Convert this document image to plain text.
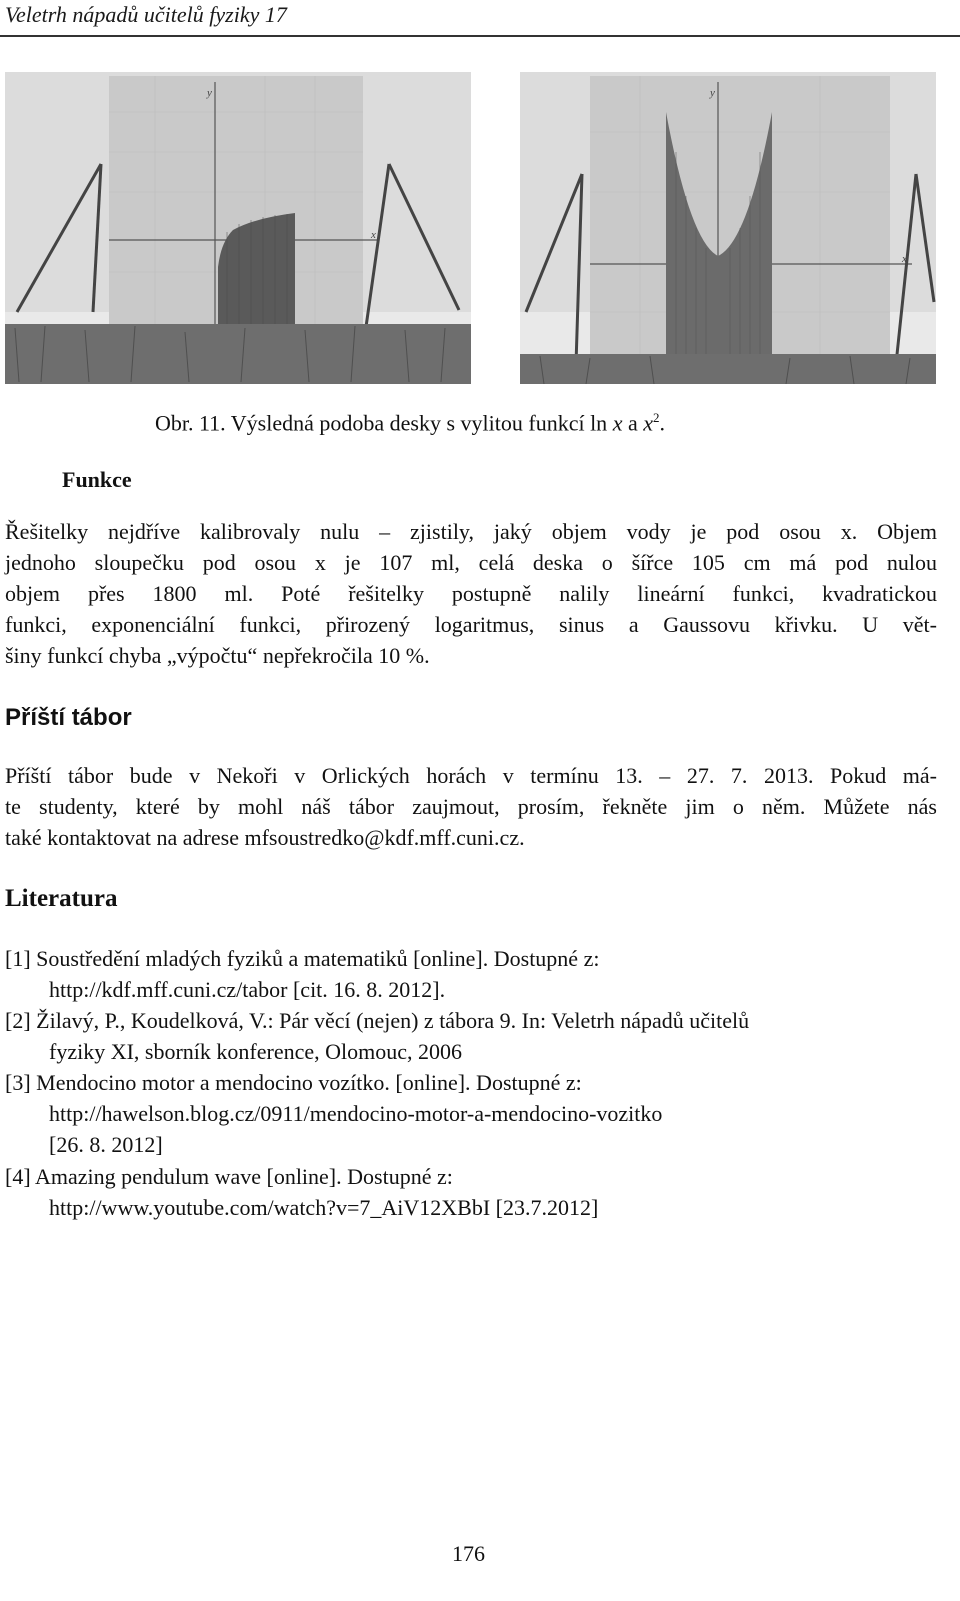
Veletrh nápadů učitelů fyziky 17
y
x
y
x
Obr. 11. Výsledná podoba desky s vylitou funkcí ln x a $x^2$.
Funkce
Řešitelky nejdříve kalibrovaly nulu – zjistily, jaký objem vody je pod osou x. Objem
jednoho sloupečku pod osou x je 107 ml, celá deska o šířce 105 cm má pod nulou
objem přes 1800 ml. Poté řešitelky postupně nalily lineární funkci, kvadratickou
funkci, exponenciální funkci, přirozený logaritmus, sinus a Gaussovu křivku. U vět-
šiny funkcí chyba „výpočtu“ nepřekročila 10 %.
Příští tábor
Příští tábor bude v Nekoři v Orlických horách v termínu 13. – 27. 7. 2013. Pokud má-
te studenty, které by mohl náš tábor zaujmout, prosím, řekněte jim o něm. Můžete nás
také kontaktovat na adrese mfsoustredko@kdf.mff.cuni.cz.
Literatura
[1] Soustředění mladých fyziků a matematiků [online]. Dostupné z:
http://kdf.mff.cuni.cz/tabor [cit. 16. 8. 2012].
[2] Žilavý, P., Koudelková, V.: Pár věcí (nejen) z tábora 9. In: Veletrh nápadů učitelů
fyziky XI, sborník konference, Olomouc, 2006
[3] Mendocino motor a mendocino vozítko. [online]. Dostupné z:
http://hawelson.blog.cz/0911/mendocino-motor-a-mendocino-vozitko
[26. 8. 2012]
[4] Amazing pendulum wave [online]. Dostupné z:
http://www.youtube.com/watch?v=7_AiV12XBbI [23.7.2012]
176
